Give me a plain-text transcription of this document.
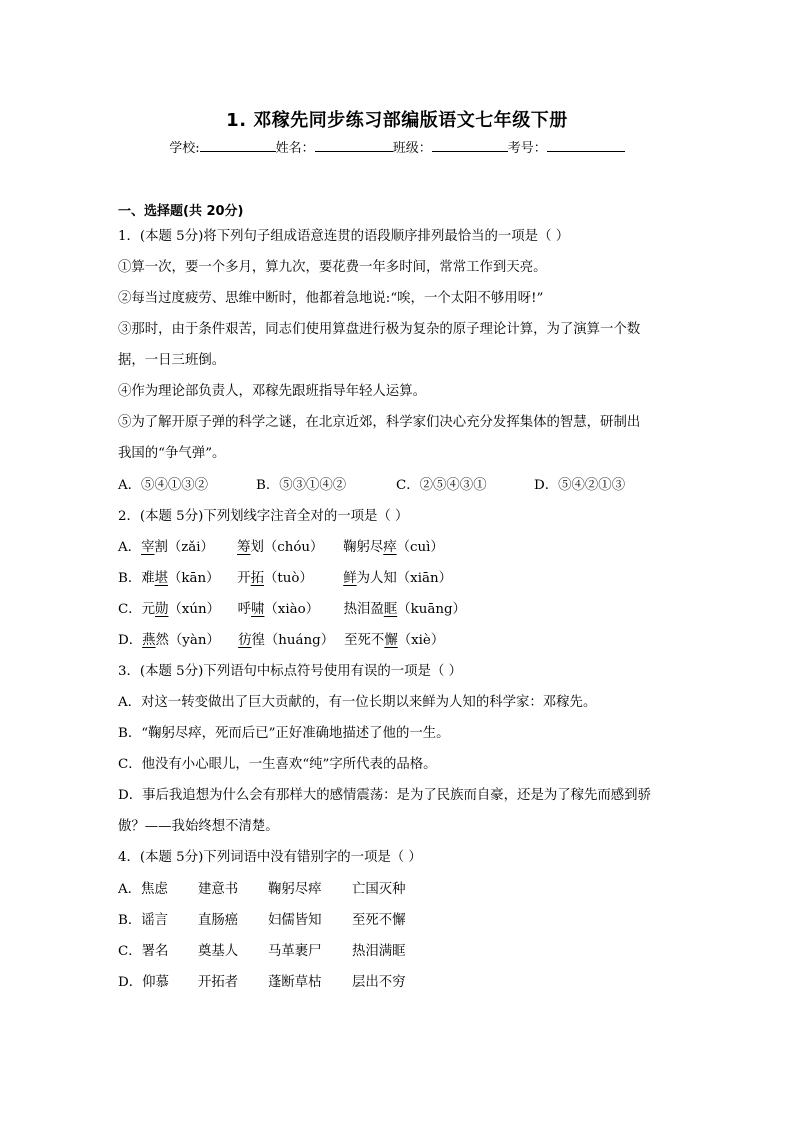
1. 邓稼先同步练习部编版语文七年级下册
学校:	姓名：	班级：	考号：
一、选择题(共 20分)
1．(本题 5分)将下列句子组成语意连贯的语段顺序排列最恰当的一项是（ ）
①算一次，要一个多月，算九次，要花费一年多时间，常常工作到天亮。
②每当过度疲劳、思维中断时，他都着急地说:“唉，一个太阳不够用呀!”
③那时，由于条件艰苦，同志们使用算盘进行极为复杂的原子理论计算，为了演算一个数
据，一日三班倒。
④作为理论部负责人，邓稼先跟班指导年轻人运算。
⑤为了解开原子弹的科学之谜，在北京近郊，科学家们决心充分发挥集体的智慧，研制出
我国的“争气弹”。
A．⑤④①③②	B．⑤③①④②	C．②⑤④③①	D．⑤④②①③
2．(本题 5分)下列划线字注音全对的一项是（ ）
A．宰割（zǎi） 筹划（chóu） 鞠躬尽瘁（cuì）
B．难堪（kān） 开拓（tuò） 鲜为人知（xiān）
C．元勋（xún） 呼啸（xiào） 热泪盈眶（kuāng）
D．燕然（yàn） 彷徨（huáng） 至死不懈（xiè）
3．(本题 5分)下列语句中标点符号使用有误的一项是（ ）
A．对这一转变做出了巨大贡献的，有一位长期以来鲜为人知的科学家：邓稼先。
B．“鞠躬尽瘁，死而后已”正好准确地描述了他的一生。
C．他没有小心眼儿，一生喜欢“纯”字所代表的品格。
D．事后我追想为什么会有那样大的感情震荡：是为了民族而自豪，还是为了稼先而感到骄
傲？——我始终想不清楚。
4．(本题 5分)下列词语中没有错别字的一项是（ ）
A．焦虑 建意书 鞠躬尽瘁 亡国灭种
B．谣言 直肠癌 妇儒皆知 至死不懈
C．署名 奠基人 马革裹尸 热泪满眶
D．仰慕 开拓者 蓬断草枯 层出不穷
